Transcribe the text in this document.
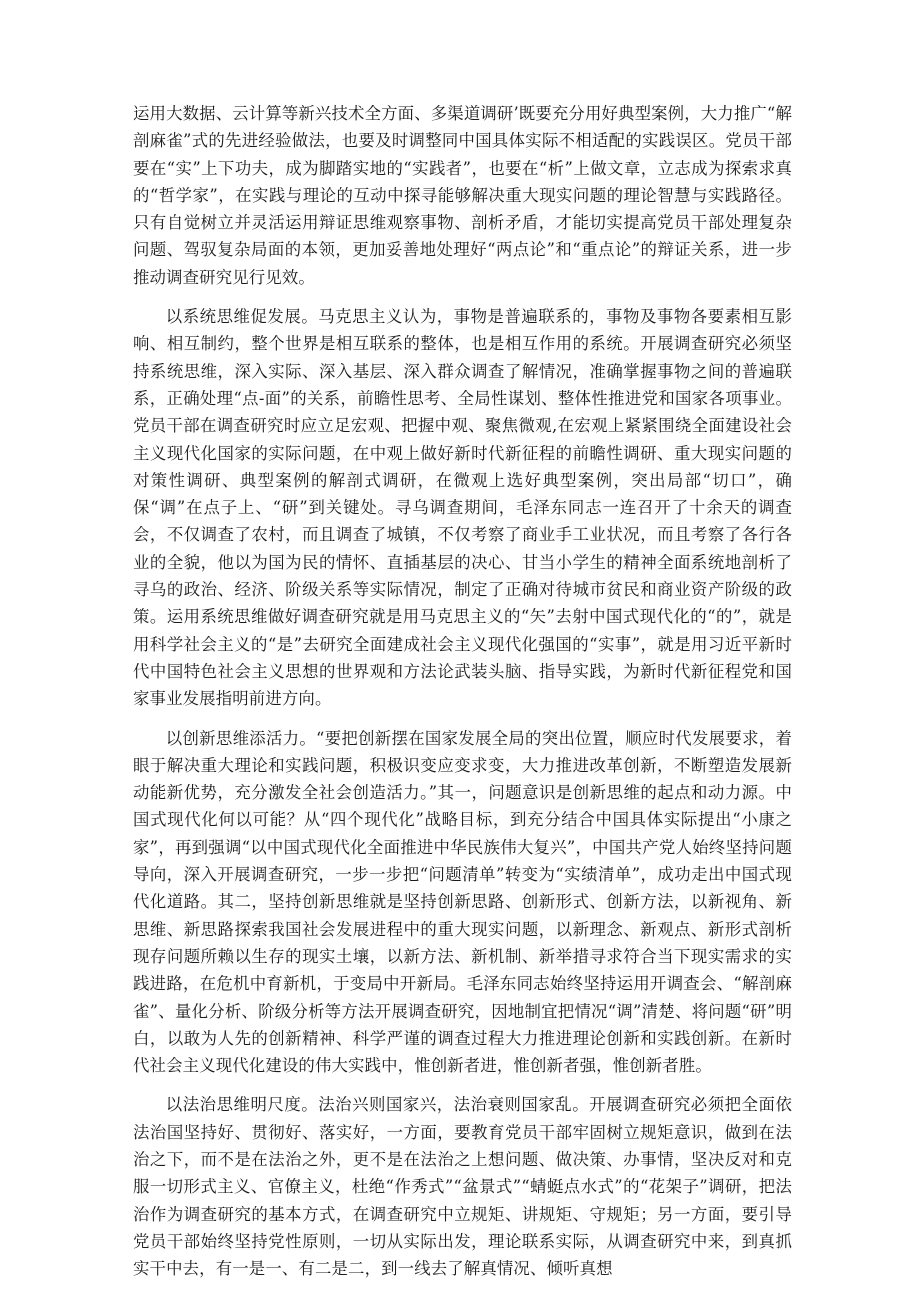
运用大数据、云计算等新兴技术全方面、多渠道调研’既要充分用好典型案例，大力推广“解剖麻雀”式的先进经验做法，也要及时调整同中国具体实际不相适配的实践误区。党员干部要在“实”上下功夫，成为脚踏实地的“实践者”，也要在“析”上做文章，立志成为探索求真的“哲学家”，在实践与理论的互动中探寻能够解决重大现实问题的理论智慧与实践路径。只有自觉树立并灵活运用辩证思维观察事物、剖析矛盾，才能切实提高党员干部处理复杂问题、驾驭复杂局面的本领，更加妥善地处理好“两点论”和“重点论”的辩证关系，进一步推动调查研究见行见效。

以系统思维促发展。马克思主义认为，事物是普遍联系的，事物及事物各要素相互影响、相互制约，整个世界是相互联系的整体，也是相互作用的系统。开展调查研究必须坚持系统思维，深入实际、深入基层、深入群众调查了解情况，准确掌握事物之间的普遍联系，正确处理“点-面”的关系，前瞻性思考、全局性谋划、整体性推进党和国家各项事业。党员干部在调查研究时应立足宏观、把握中观、聚焦微观,在宏观上紧紧围绕全面建设社会主义现代化国家的实际问题，在中观上做好新时代新征程的前瞻性调研、重大现实问题的对策性调研、典型案例的解剖式调研，在微观上选好典型案例，突出局部“切口”，确保“调”在点子上、“研”到关键处。寻乌调查期间，毛泽东同志一连召开了十余天的调查会，不仅调查了农村，而且调查了城镇，不仅考察了商业手工业状况，而且考察了各行各业的全貌，他以为国为民的情怀、直插基层的决心、甘当小学生的精神全面系统地剖析了寻乌的政治、经济、阶级关系等实际情况，制定了正确对待城市贫民和商业资产阶级的政策。运用系统思维做好调查研究就是用马克思主义的“矢”去射中国式现代化的“的”，就是用科学社会主义的“是”去研究全面建成社会主义现代化强国的“实事”，就是用习近平新时代中国特色社会主义思想的世界观和方法论武装头脑、指导实践，为新时代新征程党和国家事业发展指明前进方向。

以创新思维添活力。“要把创新摆在国家发展全局的突出位置，顺应时代发展要求，着眼于解决重大理论和实践问题，积极识变应变求变，大力推进改革创新，不断塑造发展新动能新优势，充分激发全社会创造活力。”其一，问题意识是创新思维的起点和动力源。中国式现代化何以可能？从“四个现代化”战略目标，到充分结合中国具体实际提出“小康之家”，再到强调“以中国式现代化全面推进中华民族伟大复兴”，中国共产党人始终坚持问题导向，深入开展调查研究，一步一步把“问题清单”转变为“实绩清单”，成功走出中国式现代化道路。其二，坚持创新思维就是坚持创新思路、创新形式、创新方法，以新视角、新思维、新思路探索我国社会发展进程中的重大现实问题，以新理念、新观点、新形式剖析现存问题所赖以生存的现实土壤，以新方法、新机制、新举措寻求符合当下现实需求的实践进路，在危机中育新机，于变局中开新局。毛泽东同志始终坚持运用开调查会、“解剖麻雀”、量化分析、阶级分析等方法开展调查研究，因地制宜把情况“调”清楚、将问题“研”明白，以敢为人先的创新精神、科学严谨的调查过程大力推进理论创新和实践创新。在新时代社会主义现代化建设的伟大实践中，惟创新者进，惟创新者强，惟创新者胜。

以法治思维明尺度。法治兴则国家兴，法治衰则国家乱。开展调查研究必须把全面依法治国坚持好、贯彻好、落实好，一方面，要教育党员干部牢固树立规矩意识，做到在法治之下，而不是在法治之外，更不是在法治之上想问题、做决策、办事情，坚决反对和克服一切形式主义、官僚主义，杜绝“作秀式”“盆景式”“蜻蜓点水式”的“花架子”调研，把法治作为调查研究的基本方式，在调查研究中立规矩、讲规矩、守规矩；另一方面，要引导党员干部始终坚持党性原则，一切从实际出发，理论联系实际，从调查研究中来，到真抓实干中去，有一是一、有二是二，到一线去了解真情况、倾听真想
